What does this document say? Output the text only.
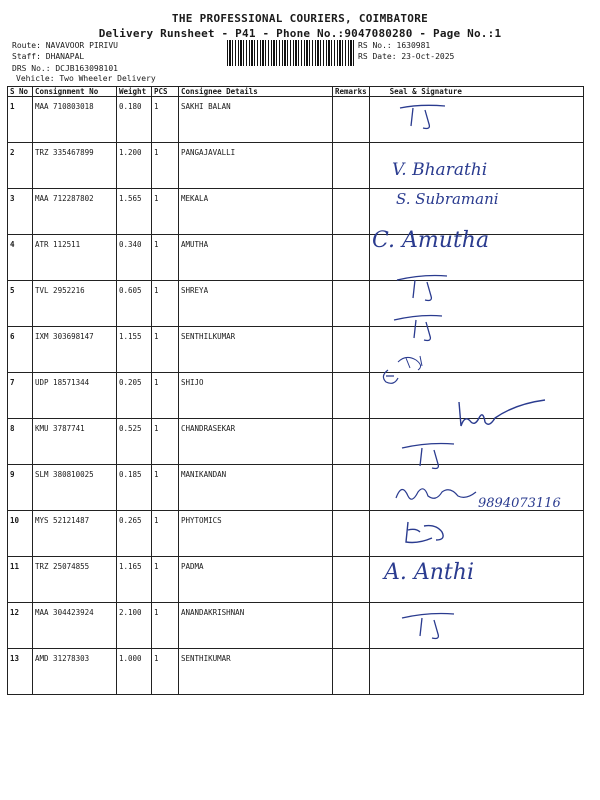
THE PROFESSIONAL COURIERS, COIMBATORE
Delivery Runsheet - P41 - Phone No.:9047080280 - Page No.:1
Route: NAVAVOOR PIRIVU
Staff: DHANAPAL
DRS No.: DCJB163098101
Vehicle: Two Wheeler Delivery
RS No.: 1630981
RS Date: 23-Oct-2025
S No	Consignment No	Weight	PCS	Consignee Details	Remarks	Seal & Signature
1	MAA 710803018	0.180	1	SAKHI BALAN		
2	TRZ 335467899	1.200	1	PANGAJAVALLI		
3	MAA 712287802	1.565	1	MEKALA		
4	ATR 112511	0.340	1	AMUTHA		
5	TVL 2952216	0.605	1	SHREYA		
6	IXM 303698147	1.155	1	SENTHILKUMAR		
7	UDP 18571344	0.205	1	SHIJO		
8	KMU 3787741	0.525	1	CHANDRASEKAR		
9	SLM 380810025	0.185	1	MANIKANDAN		
10	MYS 52121487	0.265	1	PHYTOMICS		
11	TRZ 25074855	1.165	1	PADMA		
12	MAA 304423924	2.100	1	ANANDAKRISHNAN		
13	AMD 31278303	1.000	1	SENTHIKUMAR		
V. Bharathi
S. Subramani
C. Amutha
9894073116
A. Anthi
